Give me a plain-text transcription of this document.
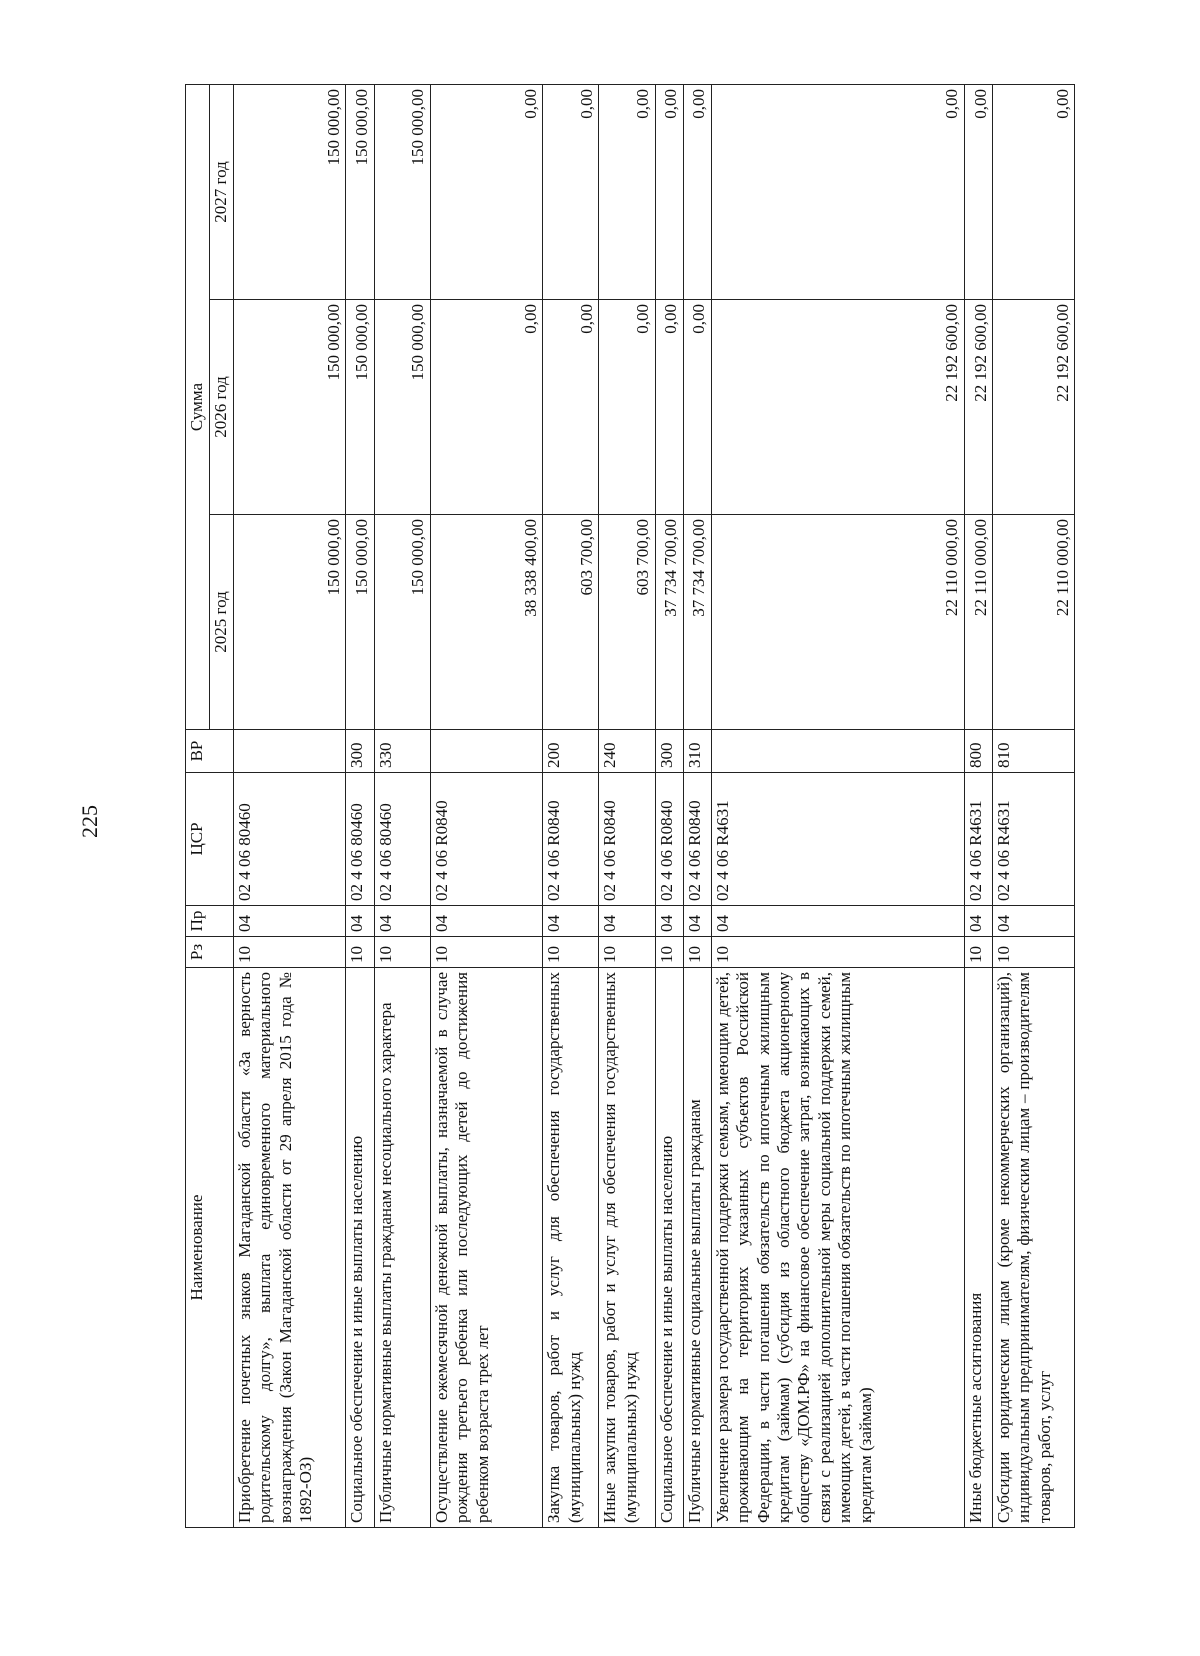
225
Наименование	Рз	Пр	ЦСР	ВР	Сумма		
					2025 год	2026 год	2027 год
Приобретение почетных знаков Магаданской области «За верность родительскому долгу», выплата единовременного материального вознаграждения (Закон Магаданской области от 29 апреля 2015 года № 1892-ОЗ)	10	04	02 4 06 80460		150 000,00	150 000,00	150 000,00
Социальное обеспечение и иные выплаты населению	10	04	02 4 06 80460	300	150 000,00	150 000,00	150 000,00
Публичные нормативные выплаты гражданам несоциального характера	10	04	02 4 06 80460	330	150 000,00	150 000,00	150 000,00
Осуществление ежемесячной денежной выплаты, назначаемой в случае рождения третьего ребенка или последующих детей до достижения ребенком возраста трех лет	10	04	02 4 06 R0840		38 338 400,00	0,00	0,00
Закупка товаров, работ и услуг для обеспечения государственных (муниципальных) нужд	10	04	02 4 06 R0840	200	603 700,00	0,00	0,00
Иные закупки товаров, работ и услуг для обеспечения государственных (муниципальных) нужд	10	04	02 4 06 R0840	240	603 700,00	0,00	0,00
Социальное обеспечение и иные выплаты населению	10	04	02 4 06 R0840	300	37 734 700,00	0,00	0,00
Публичные нормативные социальные выплаты гражданам	10	04	02 4 06 R0840	310	37 734 700,00	0,00	0,00
Увеличение размера государственной поддержки семьям, имеющим детей, проживающим на территориях указанных субъектов Российской Федерации, в части погашения обязательств по ипотечным жилищным кредитам (займам) (субсидия из областного бюджета акционерному обществу «ДОМ.РФ» на финансовое обеспечение затрат, возникающих в связи с реализацией дополнительной меры социальной поддержки семей, имеющих детей, в части погашения обязательств по ипотечным жилищным кредитам (займам)	10	04	02 4 06 R4631		22 110 000,00	22 192 600,00	0,00
Иные бюджетные ассигнования	10	04	02 4 06 R4631	800	22 110 000,00	22 192 600,00	0,00
Субсидии юридическим лицам (кроме некоммерческих организаций), индивидуальным предпринимателям, физическим лицам – производителям товаров, работ, услуг	10	04	02 4 06 R4631	810	22 110 000,00	22 192 600,00	0,00
